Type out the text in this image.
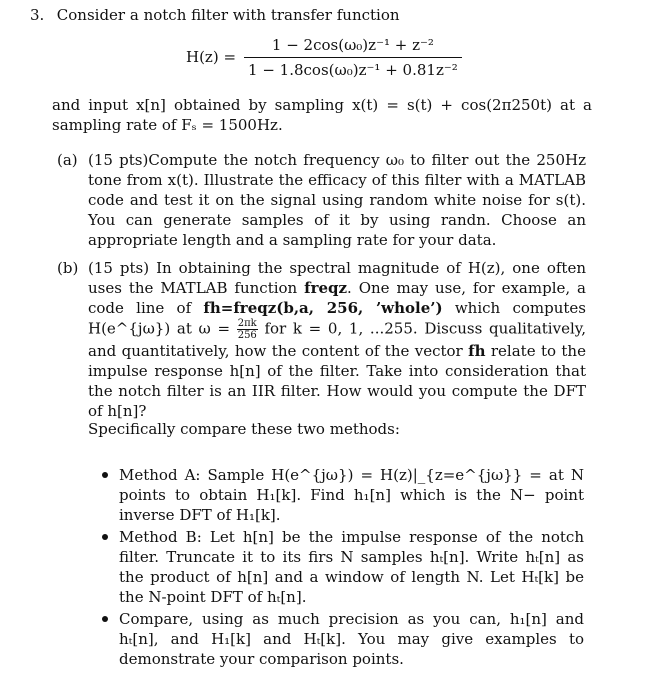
3. Consider a notch filter with transfer function
$H(z) = \frac{\text{1 − 2cos(ω₀)z⁻¹ + z⁻²}}{\text{1 − 1.8cos(ω₀)z⁻¹ + 0.81z⁻²}}$
and input x[n] obtained by sampling x(t) = s(t) + cos(2π250t) at a sampling rate of Fₛ = 1500Hz.
(a) (15 pts)Compute the notch frequency ω₀ to filter out the 250Hz tone from x(t). Illustrate the efficacy of this filter with a MATLAB code and test it on the signal using random white noise for s(t). You can generate samples of it by using randn. Choose an appropriate length and a sampling rate for your data.
(b) (15 pts) In obtaining the spectral magnitude of H(z), one often uses the MATLAB function freqz. One may use, for example, a code line of fh=freqz(b,a, 256, ’whole’) which computes H(e^{jω}) at $\omega = \frac{2\pi k}{256}$ for k = 0, 1, ...255. Discuss qualitatively, and quantitatively, how the content of the vector fh relate to the impulse response h[n] of the filter. Take into consideration that the notch filter is an IIR filter. How would you compute the DFT of h[n]?
Specifically compare these two methods:
Method A: Sample H(e^{jω}) = H(z)|_{z=e^{jω}} = at N points to obtain H₁[k]. Find h₁[n] which is the N− point inverse DFT of H₁[k].
Method B: Let h[n] be the impulse response of the notch filter. Truncate it to its firs N samples hₜ[n]. Write hₜ[n] as the product of h[n] and a window of length N. Let Hₜ[k] be the N-point DFT of hₜ[n].
Compare, using as much precision as you can, h₁[n] and hₜ[n], and H₁[k] and Hₜ[k]. You may give examples to demonstrate your comparison points.
